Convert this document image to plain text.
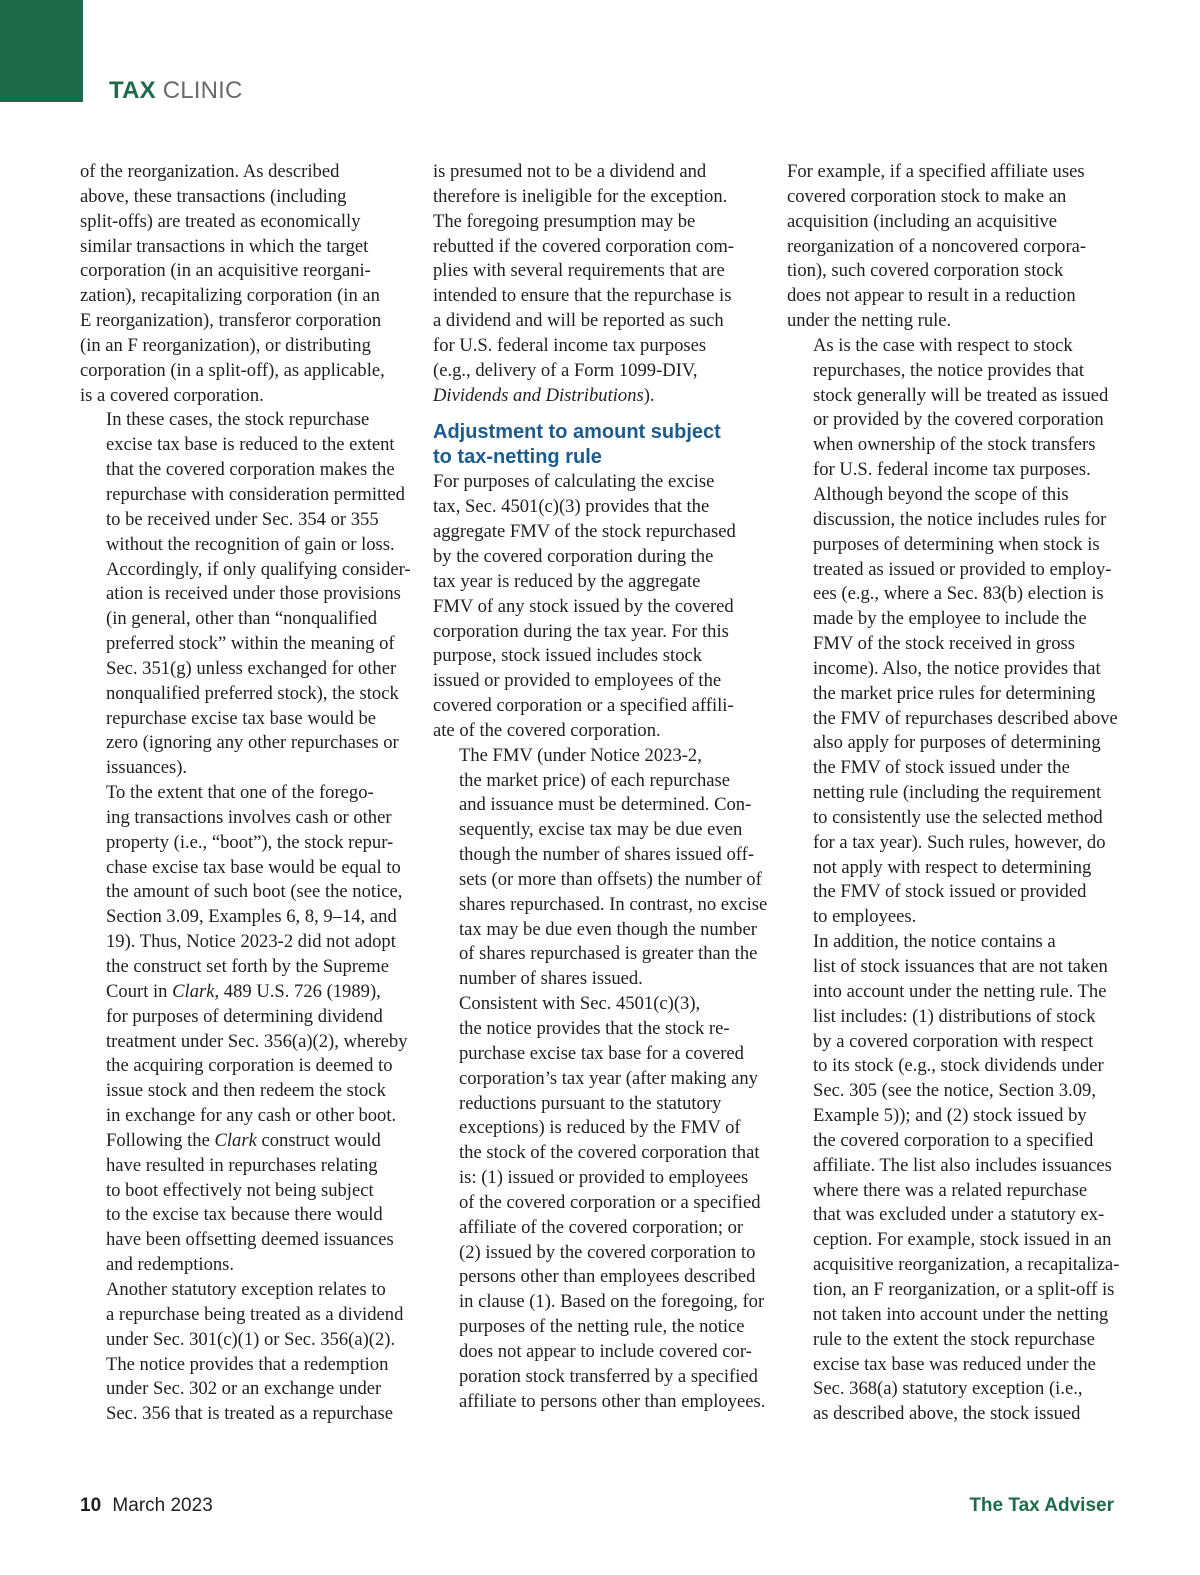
TAX CLINIC

of the reorganization. As described
above, these transactions (including
split-offs) are treated as economically
similar transactions in which the target
corporation (in an acquisitive reorgani-
zation), recapitalizing corporation (in an
E reorganization), transferor corporation
(in an F reorganization), or distributing
corporation (in a split-off), as applicable,
is a covered corporation.

In these cases, the stock repurchase
excise tax base is reduced to the extent
that the covered corporation makes the
repurchase with consideration permitted
to be received under Sec. 354 or 355
without the recognition of gain or loss.
Accordingly, if only qualifying consider-
ation is received under those provisions
(in general, other than “nonqualified
preferred stock” within the meaning of
Sec. 351(g) unless exchanged for other
nonqualified preferred stock), the stock
repurchase excise tax base would be
zero (ignoring any other repurchases or
issuances).

To the extent that one of the forego-
ing transactions involves cash or other
property (i.e., “boot”), the stock repur-
chase excise tax base would be equal to
the amount of such boot (see the notice,
Section 3.09, Examples 6, 8, 9–14, and
19). Thus, Notice 2023-2 did not adopt
the construct set forth by the Supreme
Court in Clark, 489 U.S. 726 (1989),
for purposes of determining dividend
treatment under Sec. 356(a)(2), whereby
the acquiring corporation is deemed to
issue stock and then redeem the stock
in exchange for any cash or other boot.
Following the Clark construct would
have resulted in repurchases relating
to boot effectively not being subject
to the excise tax because there would
have been offsetting deemed issuances
and redemptions.

Another statutory exception relates to
a repurchase being treated as a dividend
under Sec. 301(c)(1) or Sec. 356(a)(2).
The notice provides that a redemption
under Sec. 302 or an exchange under
Sec. 356 that is treated as a repurchase

is presumed not to be a dividend and
therefore is ineligible for the exception.
The foregoing presumption may be
rebutted if the covered corporation com-
plies with several requirements that are
intended to ensure that the repurchase is
a dividend and will be reported as such
for U.S. federal income tax purposes
(e.g., delivery of a Form 1099-DIV,
Dividends and Distributions).

Adjustment to amount subject
to tax-netting rule

For purposes of calculating the excise
tax, Sec. 4501(c)(3) provides that the
aggregate FMV of the stock repurchased
by the covered corporation during the
tax year is reduced by the aggregate
FMV of any stock issued by the covered
corporation during the tax year. For this
purpose, stock issued includes stock
issued or provided to employees of the
covered corporation or a specified affili-
ate of the covered corporation.

The FMV (under Notice 2023-2,
the market price) of each repurchase
and issuance must be determined. Con-
sequently, excise tax may be due even
though the number of shares issued off-
sets (or more than offsets) the number of
shares repurchased. In contrast, no excise
tax may be due even though the number
of shares repurchased is greater than the
number of shares issued.

Consistent with Sec. 4501(c)(3),
the notice provides that the stock re-
purchase excise tax base for a covered
corporation’s tax year (after making any
reductions pursuant to the statutory
exceptions) is reduced by the FMV of
the stock of the covered corporation that
is: (1) issued or provided to employees
of the covered corporation or a specified
affiliate of the covered corporation; or
(2) issued by the covered corporation to
persons other than employees described
in clause (1). Based on the foregoing, for
purposes of the netting rule, the notice
does not appear to include covered cor-
poration stock transferred by a specified
affiliate to persons other than employees.

For example, if a specified affiliate uses
covered corporation stock to make an
acquisition (including an acquisitive
reorganization of a noncovered corpora-
tion), such covered corporation stock
does not appear to result in a reduction
under the netting rule.

As is the case with respect to stock
repurchases, the notice provides that
stock generally will be treated as issued
or provided by the covered corporation
when ownership of the stock transfers
for U.S. federal income tax purposes.
Although beyond the scope of this
discussion, the notice includes rules for
purposes of determining when stock is
treated as issued or provided to employ-
ees (e.g., where a Sec. 83(b) election is
made by the employee to include the
FMV of the stock received in gross
income). Also, the notice provides that
the market price rules for determining
the FMV of repurchases described above
also apply for purposes of determining
the FMV of stock issued under the
netting rule (including the requirement
to consistently use the selected method
for a tax year). Such rules, however, do
not apply with respect to determining
the FMV of stock issued or provided
to employees.

In addition, the notice contains a
list of stock issuances that are not taken
into account under the netting rule. The
list includes: (1) distributions of stock
by a covered corporation with respect
to its stock (e.g., stock dividends under
Sec. 305 (see the notice, Section 3.09,
Example 5)); and (2) stock issued by
the covered corporation to a specified
affiliate. The list also includes issuances
where there was a related repurchase
that was excluded under a statutory ex-
ception. For example, stock issued in an
acquisitive reorganization, a recapitaliza-
tion, an F reorganization, or a split-off is
not taken into account under the netting
rule to the extent the stock repurchase
excise tax base was reduced under the
Sec. 368(a) statutory exception (i.e.,
as described above, the stock issued

10 March 2023	The Tax Adviser
